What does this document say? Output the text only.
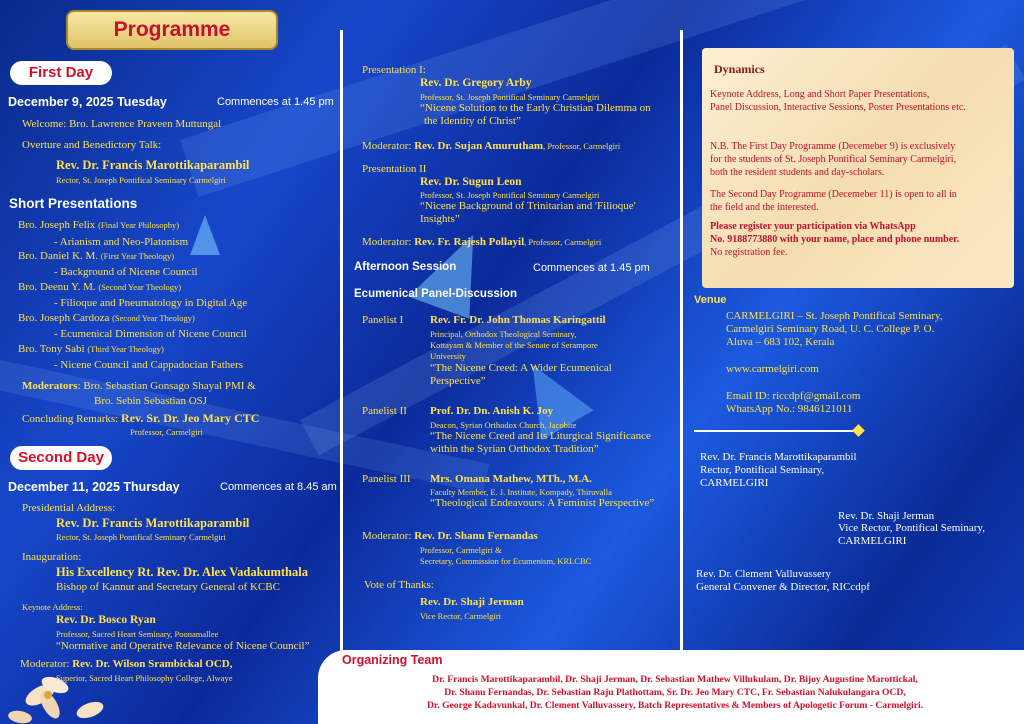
Programme
First Day
December 9, 2025 Tuesday	Commences at 1.45 pm
Welcome: Bro. Lawrence Praveen Muttungal
Overture and Benedictory Talk:
Rev. Dr. Francis Marottikaparambil
Rector, St. Joseph Pontifical Seminary Carmelgiri
Short Presentations
Bro. Joseph Felix (Final Year Philosophy)
- Arianism and Neo-Platonism
Bro. Daniel K. M. (First Year Theology)
- Background of Nicene Council
Bro. Deenu Y. M. (Second Year Theology)
- Filioque and Pneumatology in Digital Age
Bro. Joseph Cardoza (Second Year Theology)
- Ecumenical Dimension of Nicene Council
Bro. Tony Sabi (Third Year Theology)
- Nicene Council and Cappadocian Fathers
Moderators: Bro. Sebastian Gonsago Shayal PMI &
Bro. Sebin Sebastian OSJ
Concluding Remarks: Rev. Sr. Dr. Jeo Mary CTC
Professor, Carmelgiri
Second Day
December 11, 2025 Thursday	Commences at 8.45 am
Presidential Address:
Rev. Dr. Francis Marottikaparambil
Rector, St. Joseph Pontifical Seminary Carmelgiri
Inauguration:
His Excellency Rt. Rev. Dr. Alex Vadakumthala
Bishop of Kannur and Secretary General of KCBC
Keynote Address:
Rev. Dr. Bosco Ryan
Professor, Sacred Heart Seminary, Poonamallee
“Normative and Operative Relevance of Nicene Council”
Moderator: Rev. Dr. Wilson Srambickal OCD,
Superior, Sacred Heart Philosophy College, Alwaye
Presentation I:
Rev. Dr. Gregory Arby
Professor, St. Joseph Pontifical Seminary Carmelgiri
“Nicene Solution to the Early Christian Dilemma on
the Identity of Christ”
Moderator: Rev. Dr. Sujan Amurutham, Professor, Carmelgiri
Presentation II
Rev. Dr. Sugun Leon
Professor, St. Joseph Pontifical Seminary Carmelgiri
“Nicene Background of Trinitarian and 'Filioque'
Insights”
Moderator: Rev. Fr. Rajesh Pollayil, Professor, Carmelgiri
Afternoon Session	Commences at 1.45 pm
Ecumenical Panel-Discussion
Panelist I Rev. Fr. Dr. John Thomas Karingattil
Principal, Orthodox Theological Seminary,
Kottayam & Member of the Senate of Serampore
University
“The Nicene Creed: A Wider Ecumenical
Perspective”
Panelist II Prof. Dr. Dn. Anish K. Joy
Deacon, Syrian Orthodox Church, Jacobite
“The Nicene Creed and Its Liturgical Significance
within the Syrian Orthodox Tradition”
Panelist III Mrs. Omana Mathew, MTh., M.A.
Faculty Member, E. J. Institute, Kompady, Thiruvalla
“Theological Endeavours: A Feminist Perspective”
Moderator: Rev. Dr. Shanu Fernandas
Professor, Carmelgiri &
Secretary, Commission for Ecumenism, KRLCBC
Vote of Thanks:
Rev. Dr. Shaji Jerman
Vice Rector, Carmelgiri
Dynamics
Keynote Address, Long and Short Paper Presentations,
Panel Discussion, Interactive Sessions, Poster Presentations etc.
N.B. The First Day Programme (Decemeber 9) is exclusively
for the students of St. Joseph Pontifical Seminary Carmelgiri,
both the resident students and day-scholars.
The Second Day Programme (Decemeber 11) is open to all in
the field and the interested.
Please register your participation via WhatsApp
No. 9188773880 with your name, place and phone number.
No registration fee.
Venue
CARMELGIRI – St. Joseph Pontifical Seminary,
Carmelgiri Seminary Road, U. C. College P. O.
Aluva – 683 102, Kerala
www.carmelgiri.com
Email ID: riccdpf@gmail.com
WhatsApp No.: 9846121011
Rev. Dr. Francis Marottikaparambil
Rector, Pontifical Seminary,
CARMELGIRI
Rev. Dr. Shaji Jerman
Vice Rector, Pontifical Seminary,
CARMELGIRI
Rev. Dr. Clement Valluvassery
General Convener & Director, RICcdpf
Organizing Team
Dr. Francis Marottikaparambil, Dr. Shaji Jerman, Dr. Sebastian Mathew Villukulam, Dr. Bijoy Augustine Marottickal,
Dr. Shanu Fernandas, Dr. Sebastian Raju Plathottam, Sr. Dr. Jeo Mary CTC, Fr. Sebastian Nalukulangara OCD,
Dr. George Kadavunkal, Dr. Clement Valluvassery, Batch Representatives & Members of Apologetic Forum - Carmelgiri.
